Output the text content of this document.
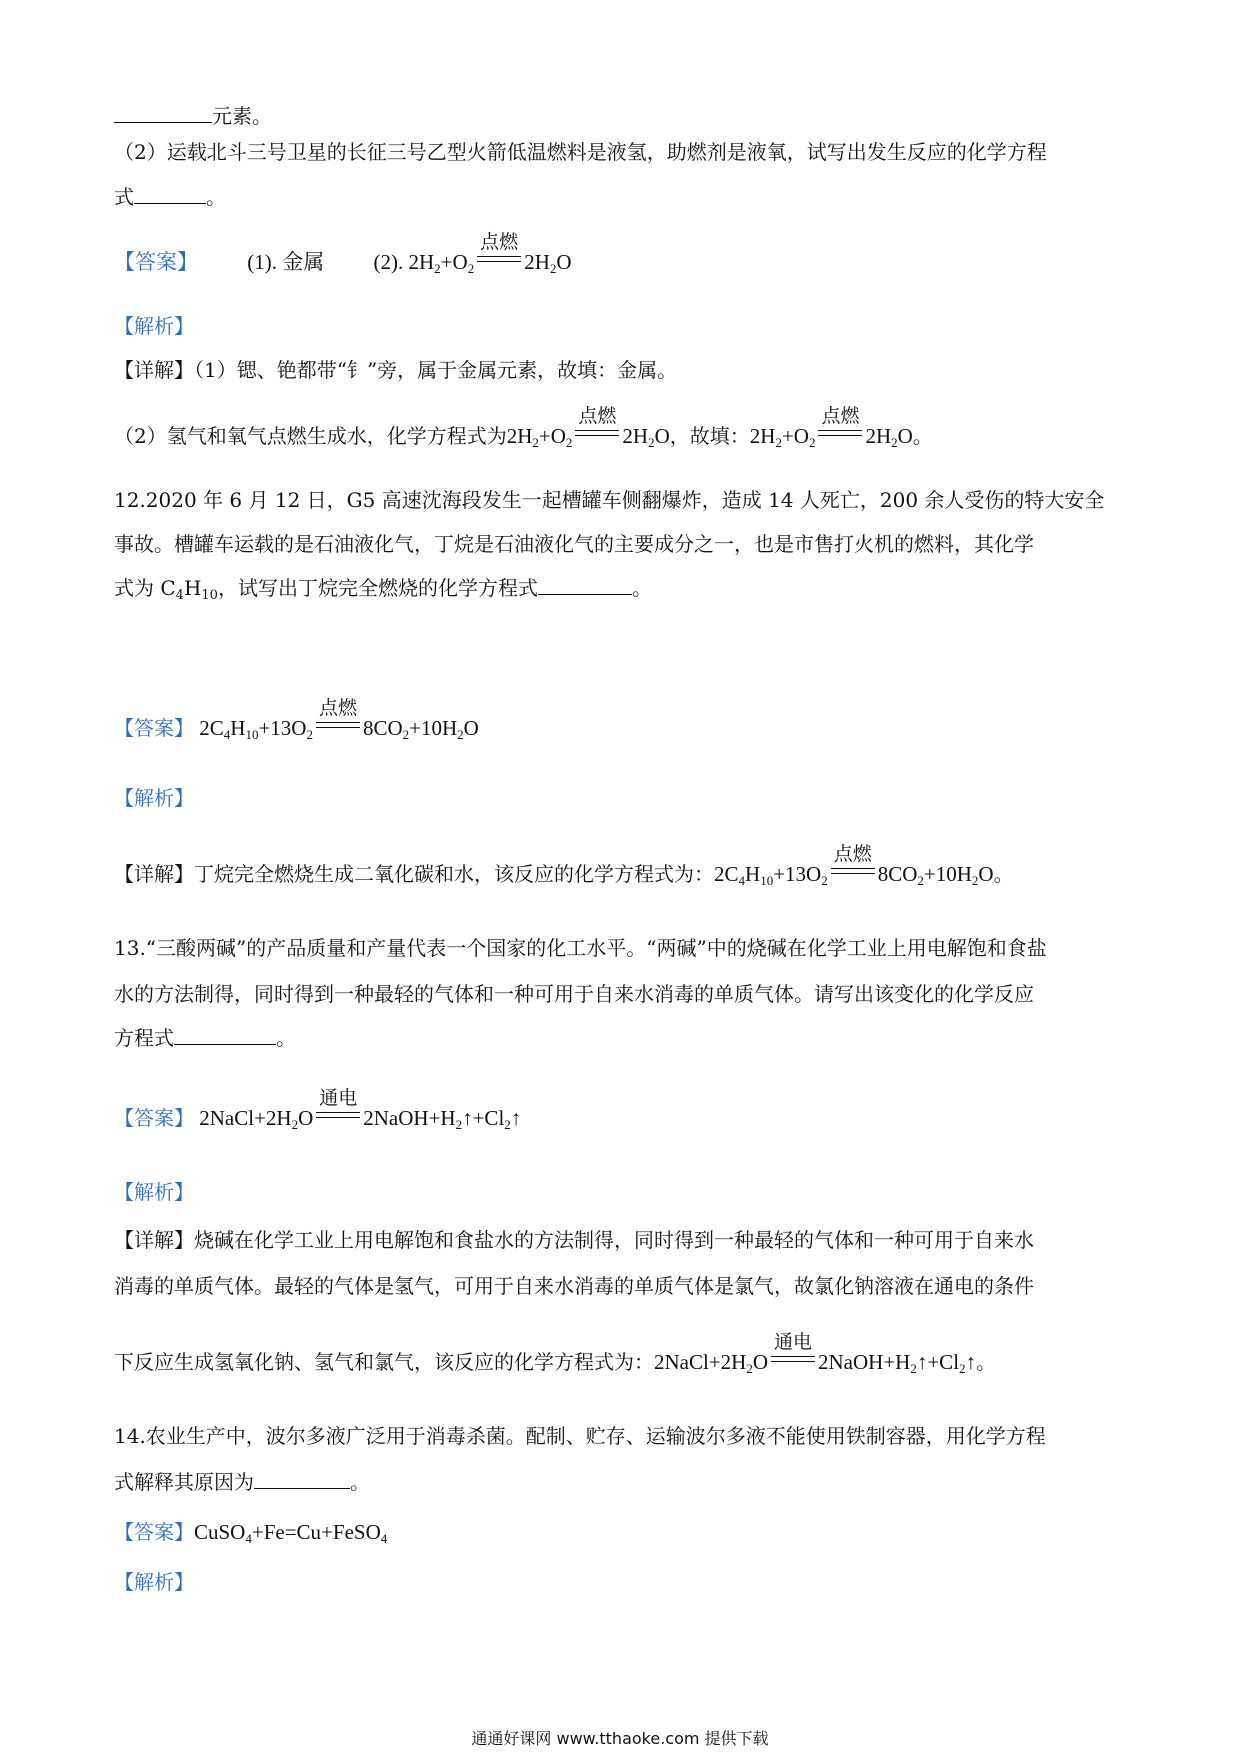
元素。
（2）运载北斗三号卫星的长征三号乙型火箭低温燃料是液氢，助燃剂是液氧，试写出发生反应的化学方程
式	。
【答案】 (1). 金属 (2). $2H_2+O_2$
点燃
$2H_2O$
【解析】
【详解】（1）锶、铯都带“钅”旁，属于金属元素，故填：金属。
（2）氢气和氧气点燃生成水，化学方程式为$2H_2+O_2$
点燃
$2H_2O$，故填：$2H_2+O_2$
点燃
$2H_2O$。
12.2020 年 6 月 12 日，G5 高速沈海段发生一起槽罐车侧翻爆炸，造成 14 人死亡，200 余人受伤的特大安全
事故。槽罐车运载的是石油液化气，丁烷是石油液化气的主要成分之一，也是市售打火机的燃料，其化学
式为 $C_4H_{10}$，试写出丁烷完全燃烧的化学方程式	。
【答案】 $2C_4H_{10}+13O_2$
点燃
$8CO_2+10H_2O$
【解析】
【详解】丁烷完全燃烧生成二氧化碳和水，该反应的化学方程式为：$2C_4H_{10}+13O_2$
点燃
$8CO_2+10H_2O$。
13.“三酸两碱”的产品质量和产量代表一个国家的化工水平。“两碱”中的烧碱在化学工业上用电解饱和食盐
水的方法制得，同时得到一种最轻的气体和一种可用于自来水消毒的单质气体。请写出该变化的化学反应
方程式	。
【答案】 $2NaCl+2H_2O$
通电
$2NaOH+H_2↑+Cl_2↑$
【解析】
【详解】烧碱在化学工业上用电解饱和食盐水的方法制得，同时得到一种最轻的气体和一种可用于自来水
消毒的单质气体。最轻的气体是氢气，可用于自来水消毒的单质气体是氯气，故氯化钠溶液在通电的条件
下反应生成氢氧化钠、氢气和氯气，该反应的化学方程式为：$2NaCl+2H_2O$
通电
$2NaOH+H_2↑+Cl_2↑$。
14.农业生产中，波尔多液广泛用于消毒杀菌。配制、贮存、运输波尔多液不能使用铁制容器，用化学方程
式解释其原因为	。
【答案】CuSO$_4$+Fe=Cu+FeSO$_4$
【解析】
通通好课网 www.tthaoke.com 提供下载
